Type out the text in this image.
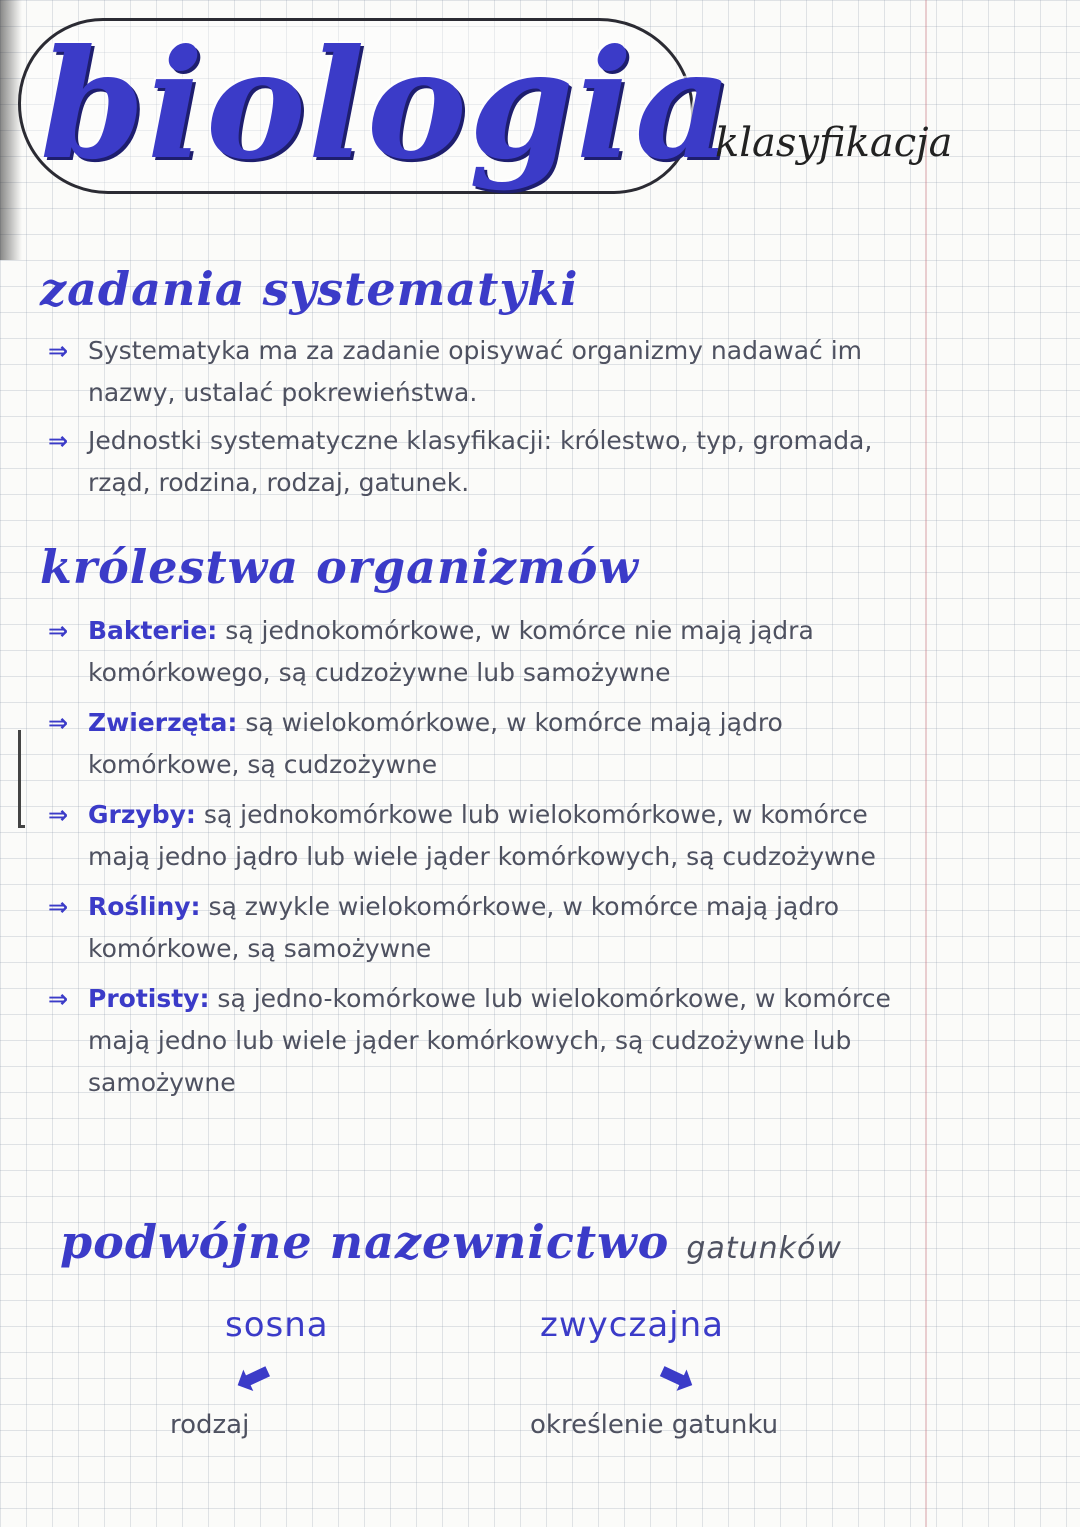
biologia
klasyfikacja
zadania systematyki
⇒ Systematyka ma za zadanie opisywać organizmy nadawać im nazwy, ustalać pokrewieństwa.
⇒ Jednostki systematyczne klasyfikacji: królestwo, typ, gromada, rząd, rodzina, rodzaj, gatunek.
królestwa organizmów
⇒ Bakterie: są jednokomórkowe, w komórce nie mają jądra komórkowego, są cudzożywne lub samożywne
⇒ Zwierzęta: są wielokomórkowe, w komórce mają jądro komórkowe, są cudzożywne
⇒ Grzyby: są jednokomórkowe lub wielokomórkowe, w komórce mają jedno jądro lub wiele jąder komórkowych, są cudzożywne
⇒ Rośliny: są zwykle wielokomórkowe, w komórce mają jądro komórkowe, są samożywne
⇒ Protisty: są jedno-komórkowe lub wielokomórkowe, w komórce mają jedno lub wiele jąder komórkowych, są cudzożywne lub samożywne
podwójne nazewnictwo gatunków
sosna
⬋
rodzaj
zwyczajna
⬊
określenie gatunku
